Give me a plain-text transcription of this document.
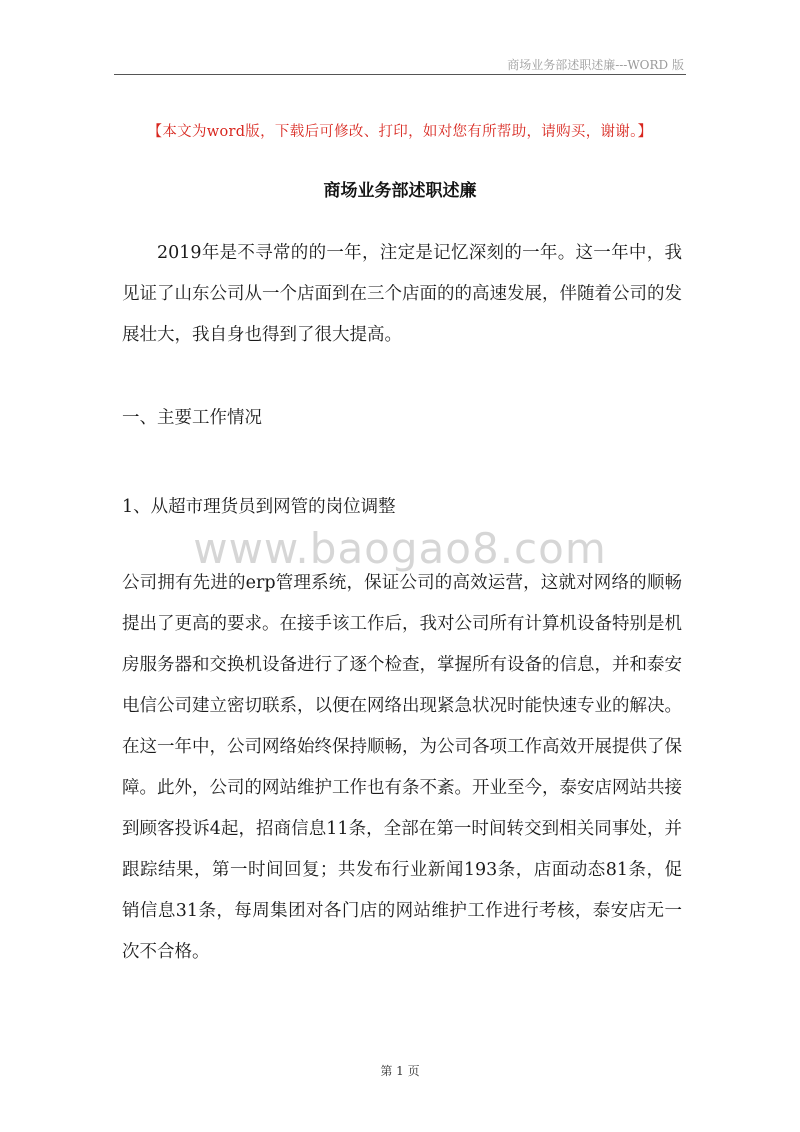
商场业务部述职述廉---WORD 版
【本文为word版，下载后可修改、打印，如对您有所帮助，请购买，谢谢。】
商场业务部述职述廉

2019年是不寻常的的一年，注定是记忆深刻的一年。这一年中，我见证了山东公司从一个店面到在三个店面的的高速发展，伴随着公司的发展壮大，我自身也得到了很大提高。

一、主要工作情况
1、从超市理货员到网管的岗位调整
www.baogao8.com

公司拥有先进的erp管理系统，保证公司的高效运营，这就对网络的顺畅提出了更高的要求。在接手该工作后，我对公司所有计算机设备特别是机房服务器和交换机设备进行了逐个检查，掌握所有设备的信息，并和泰安电信公司建立密切联系，以便在网络出现紧急状况时能快速专业的解决。在这一年中，公司网络始终保持顺畅，为公司各项工作高效开展提供了保障。此外，公司的网站维护工作也有条不紊。开业至今，泰安店网站共接到顾客投诉4起，招商信息11条，全部在第一时间转交到相关同事处，并跟踪结果，第一时间回复；共发布行业新闻193条，店面动态81条，促销信息31条，每周集团对各门店的网站维护工作进行考核，泰安店无一次不合格。

第 1 页
